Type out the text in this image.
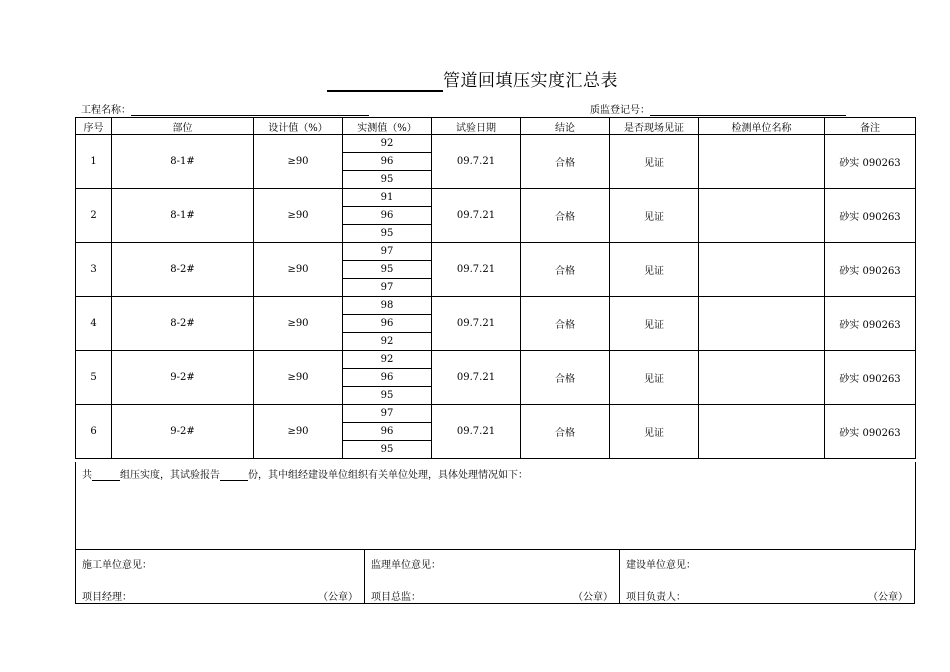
管道回填压实度汇总表
工程名称：	质监登记号：
序号	部位	设计值（%）	实测值（%）	试验日期	结论	是否现场见证	检测单位名称	备注
1	8-1#	≥90	92	09.7.21	合格	见证		砂实 090263
			96					
			95					
2	8-1#	≥90	91	09.7.21	合格	见证		砂实 090263
			96					
			95					
3	8-2#	≥90	97	09.7.21	合格	见证		砂实 090263
			95					
			97					
4	8-2#	≥90	98	09.7.21	合格	见证		砂实 090263
			96					
			92					
5	9-2#	≥90	92	09.7.21	合格	见证		砂实 090263
			96					
			95					
6	9-2#	≥90	97	09.7.21	合格	见证		砂实 090263
			96					
			95					
共	组压实度，其试验报告	份，其中组经建设单位组织有关单位处理，具体处理情况如下：
施工单位意见：
项目经理：	（公章）
监理单位意见：
项目总监：	（公章）
建设单位意见：
项目负责人：	（公章）
